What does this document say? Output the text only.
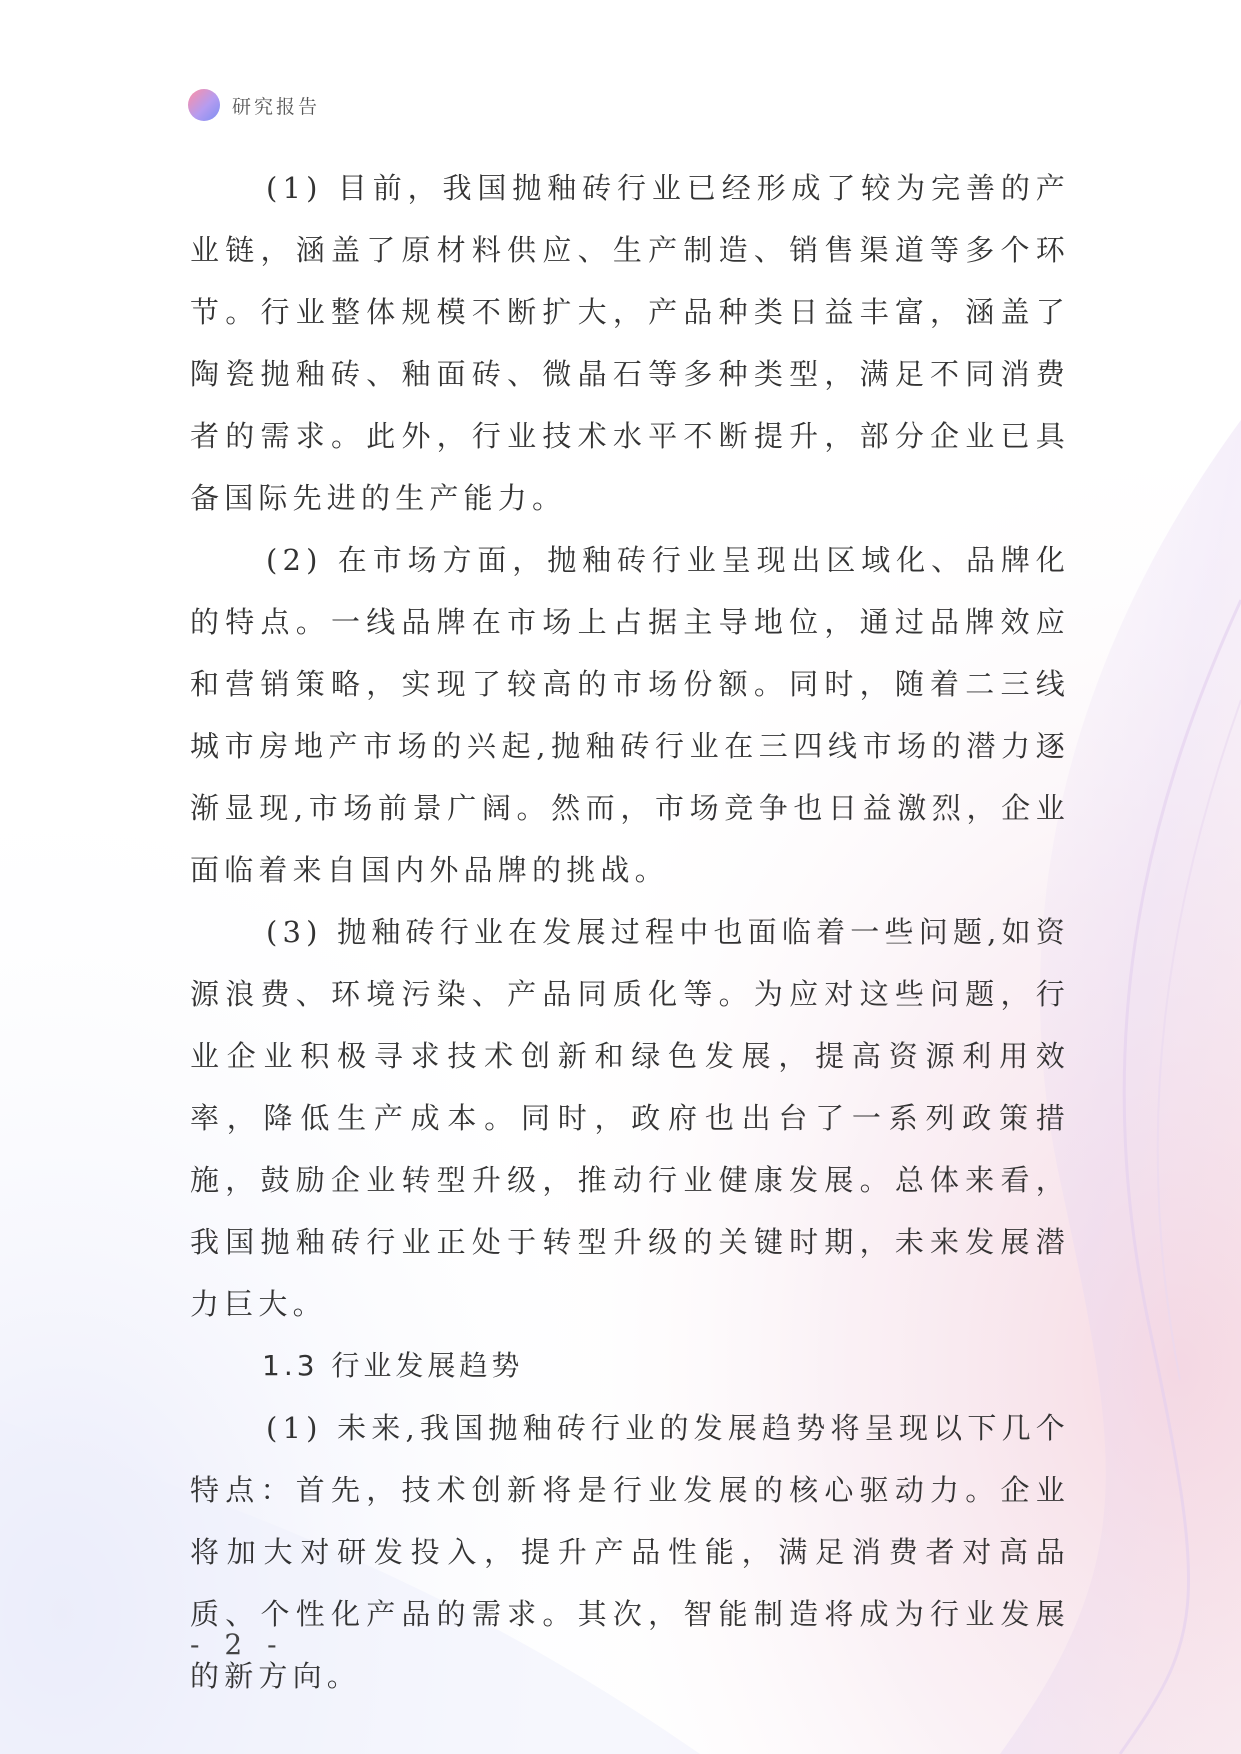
研究报告

(1) 目前，我国抛釉砖行业已经形成了较为完善的产业链，涵盖了原材料供应、生产制造、销售渠道等多个环节。行业整体规模不断扩大，产品种类日益丰富，涵盖了陶瓷抛釉砖、釉面砖、微晶石等多种类型，满足不同消费者的需求。此外，行业技术水平不断提升，部分企业已具备国际先进的生产能力。

(2) 在市场方面，抛釉砖行业呈现出区域化、品牌化的特点。一线品牌在市场上占据主导地位，通过品牌效应和营销策略，实现了较高的市场份额。同时，随着二三线城市房地产市场的兴起,抛釉砖行业在三四线市场的潜力逐渐显现,市场前景广阔。然而，市场竞争也日益激烈，企业面临着来自国内外品牌的挑战。

(3) 抛釉砖行业在发展过程中也面临着一些问题,如资源浪费、环境污染、产品同质化等。为应对这些问题，行业企业积极寻求技术创新和绿色发展，提高资源利用效率，降低生产成本。同时，政府也出台了一系列政策措施，鼓励企业转型升级，推动行业健康发展。总体来看，我国抛釉砖行业正处于转型升级的关键时期，未来发展潜力巨大。

1.3 行业发展趋势

(1) 未来,我国抛釉砖行业的发展趋势将呈现以下几个特点：首先，技术创新将是行业发展的核心驱动力。企业将加大对研发投入，提升产品性能，满足消费者对高品质、个性化产品的需求。其次，智能制造将成为行业发展的新方向。

- 2 -
